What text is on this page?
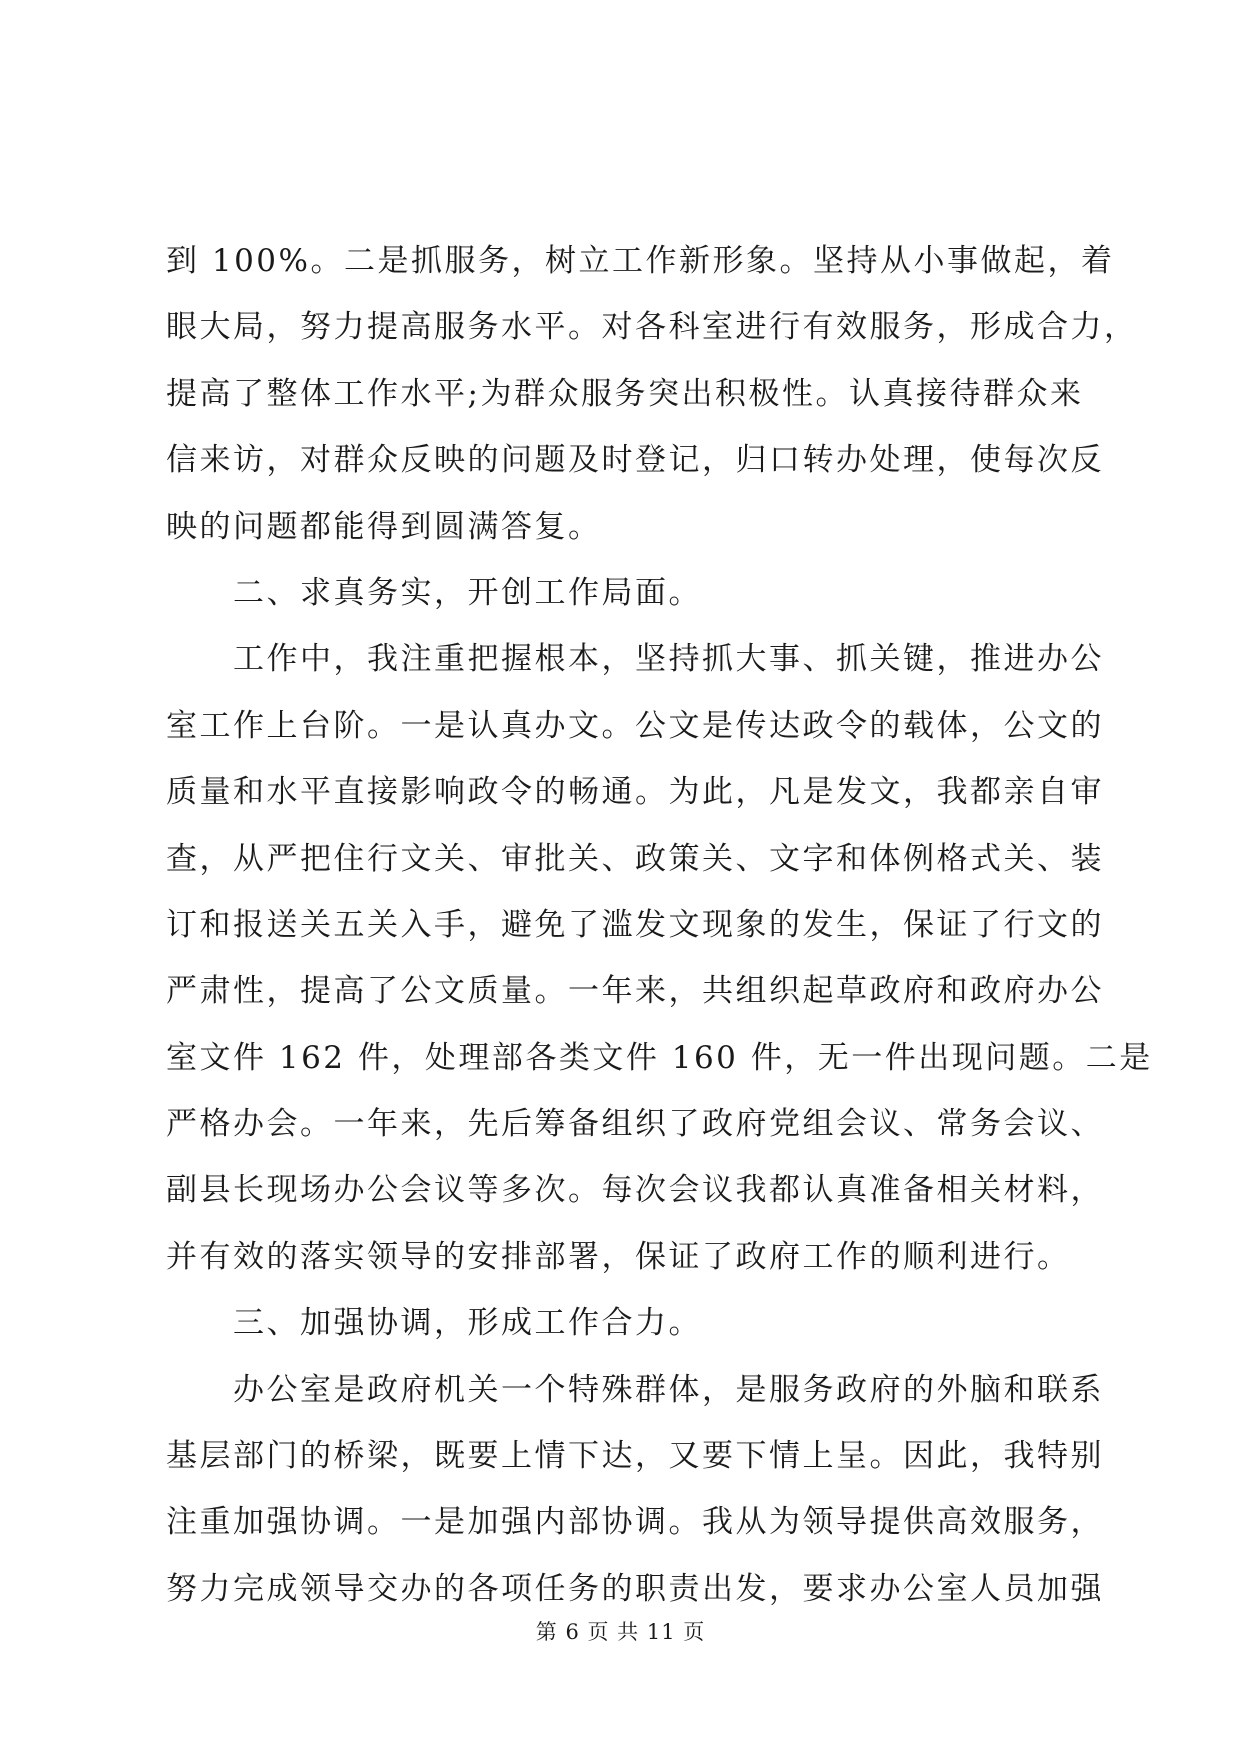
到 100%。二是抓服务，树立工作新形象。坚持从小事做起，着
眼大局，努力提高服务水平。对各科室进行有效服务，形成合力，
提高了整体工作水平;为群众服务突出积极性。认真接待群众来
信来访，对群众反映的问题及时登记，归口转办处理，使每次反
映的问题都能得到圆满答复。
　　二、求真务实，开创工作局面。
　　工作中，我注重把握根本，坚持抓大事、抓关键，推进办公
室工作上台阶。一是认真办文。公文是传达政令的载体，公文的
质量和水平直接影响政令的畅通。为此，凡是发文，我都亲自审
查，从严把住行文关、审批关、政策关、文字和体例格式关、装
订和报送关五关入手，避免了滥发文现象的发生，保证了行文的
严肃性，提高了公文质量。一年来，共组织起草政府和政府办公
室文件 162 件，处理部各类文件 160 件，无一件出现问题。二是
严格办会。一年来，先后筹备组织了政府党组会议、常务会议、
副县长现场办公会议等多次。每次会议我都认真准备相关材料，
并有效的落实领导的安排部署，保证了政府工作的顺利进行。
　　三、加强协调，形成工作合力。
　　办公室是政府机关一个特殊群体，是服务政府的外脑和联系
基层部门的桥梁，既要上情下达，又要下情上呈。因此，我特别
注重加强协调。一是加强内部协调。我从为领导提供高效服务，
努力完成领导交办的各项任务的职责出发，要求办公室人员加强
第 6 页 共 11 页
